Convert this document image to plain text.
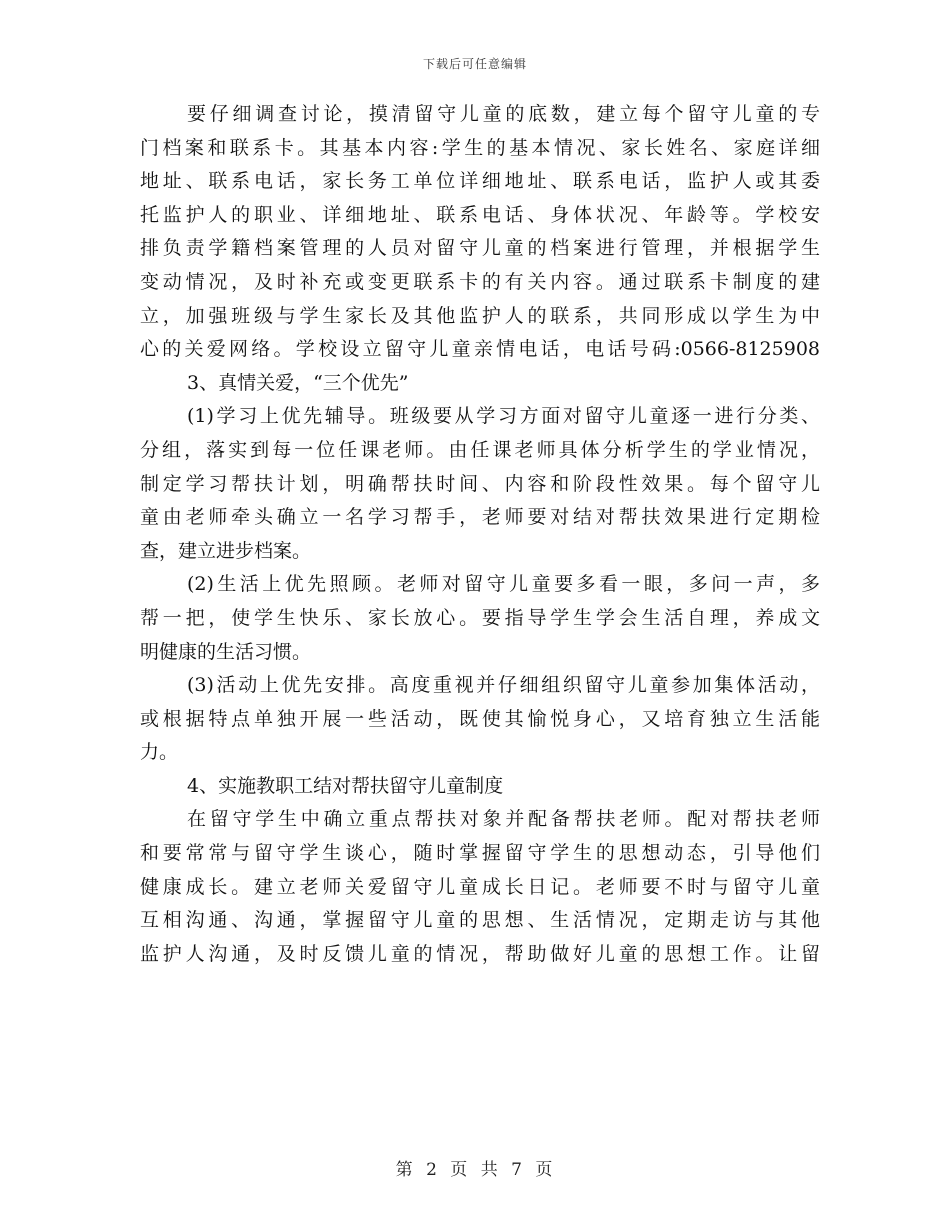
下载后可任意编辑
要仔细调查讨论，摸清留守儿童的底数，建立每个留守儿童的专
门档案和联系卡。其基本内容:学生的基本情况、家长姓名、家庭详细
地址、联系电话，家长务工单位详细地址、联系电话，监护人或其委
托监护人的职业、详细地址、联系电话、身体状况、年龄等。学校安
排负责学籍档案管理的人员对留守儿童的档案进行管理，并根据学生
变动情况，及时补充或变更联系卡的有关内容。通过联系卡制度的建
立，加强班级与学生家长及其他监护人的联系，共同形成以学生为中
心的关爱网络。学校设立留守儿童亲情电话，电话号码:0566-8125908
3、真情关爱，“三个优先”
(1)学习上优先辅导。班级要从学习方面对留守儿童逐一进行分类、
分组，落实到每一位任课老师。由任课老师具体分析学生的学业情况，
制定学习帮扶计划，明确帮扶时间、内容和阶段性效果。每个留守儿
童由老师牵头确立一名学习帮手，老师要对结对帮扶效果进行定期检
查，建立进步档案。
(2)生活上优先照顾。老师对留守儿童要多看一眼，多问一声，多
帮一把，使学生快乐、家长放心。要指导学生学会生活自理，养成文
明健康的生活习惯。
(3)活动上优先安排。高度重视并仔细组织留守儿童参加集体活动，
或根据特点单独开展一些活动，既使其愉悦身心，又培育独立生活能
力。
4、实施教职工结对帮扶留守儿童制度
在留守学生中确立重点帮扶对象并配备帮扶老师。配对帮扶老师
和要常常与留守学生谈心，随时掌握留守学生的思想动态，引导他们
健康成长。建立老师关爱留守儿童成长日记。老师要不时与留守儿童
互相沟通、沟通，掌握留守儿童的思想、生活情况，定期走访与其他
监护人沟通，及时反馈儿童的情况，帮助做好儿童的思想工作。让留
第 2 页 共 7 页
